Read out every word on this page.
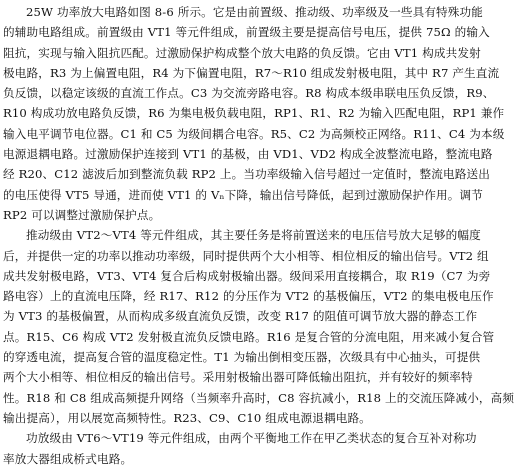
25W 功率放大电路如图 8-6 所示。它是由前置级、推动级、功率级及一些具有特殊功能
的辅助电路组成。前置级由 VT1 等元件组成，前置级主要是提高信号电压，提供 75Ω 的输入
阻抗，实现与输入阻抗匹配。过激励保护构成整个放大电路的负反馈。它由 VT1 构成共发射
极电路，R3 为上偏置电阻，R4 为下偏置电阻，R7～R10 组成发射极电阻，其中 R7 产生直流
负反馈，以稳定该级的直流工作点。C3 为交流旁路电容。R8 构成本级串联电压负反馈，R9、
R10 构成功放电路负反馈，R6 为集电极负载电阻，RP1、R1、R2 为输入匹配电阻，RP1 兼作
输入电平调节电位器。C1 和 C5 为级间耦合电容。R5、C2 为高频校正网络。R11、C4 为本级
电源退耦电路。过激励保护连接到 VT1 的基极，由 VD1、VD2 构成全波整流电路，整流电路
经 R20、C12 滤波后加到整流负载 RP2 上。当功率级输入信号超过一定值时，整流电路送出
的电压使得 VT5 导通，进而使 VT1 的 Vₙ下降，输出信号降低，起到过激励保护作用。调节
RP2 可以调整过激励保护点。
推动级由 VT2～VT4 等元件组成，其主要任务是将前置送来的电压信号放大足够的幅度
后，并提供一定的功率以推动功率级，同时提供两个大小相等、相位相反的输出信号。VT2 组
成共发射极电路，VT3、VT4 复合后构成射极输出器。级间采用直接耦合，取 R19（C7 为旁
路电容）上的直流电压降，经 R17、R12 的分压作为 VT2 的基极偏压，VT2 的集电极电压作
为 VT3 的基极偏置，从而构成多级直流负反馈，改变 R17 的阻值可调节放大器的静态工作
点。R15、C6 构成 VT2 发射极直流负反馈电路。R16 是复合管的分流电阻，用来减小复合管
的穿透电流，提高复合管的温度稳定性。T1 为输出倒相变压器，次级具有中心抽头，可提供
两个大小相等、相位相反的输出信号。采用射极输出器可降低输出阻抗，并有较好的频率特
性。R18 和 C8 组成高频提升网络（当频率升高时，C8 容抗减小，R18 上的交流压降减小，高频
输出提高），用以展宽高频特性。R23、C9、C10 组成电源退耦电路。
功放级由 VT6～VT19 等元件组成，由两个平衡地工作在甲乙类状态的复合互补对称功
率放大器组成桥式电路。
